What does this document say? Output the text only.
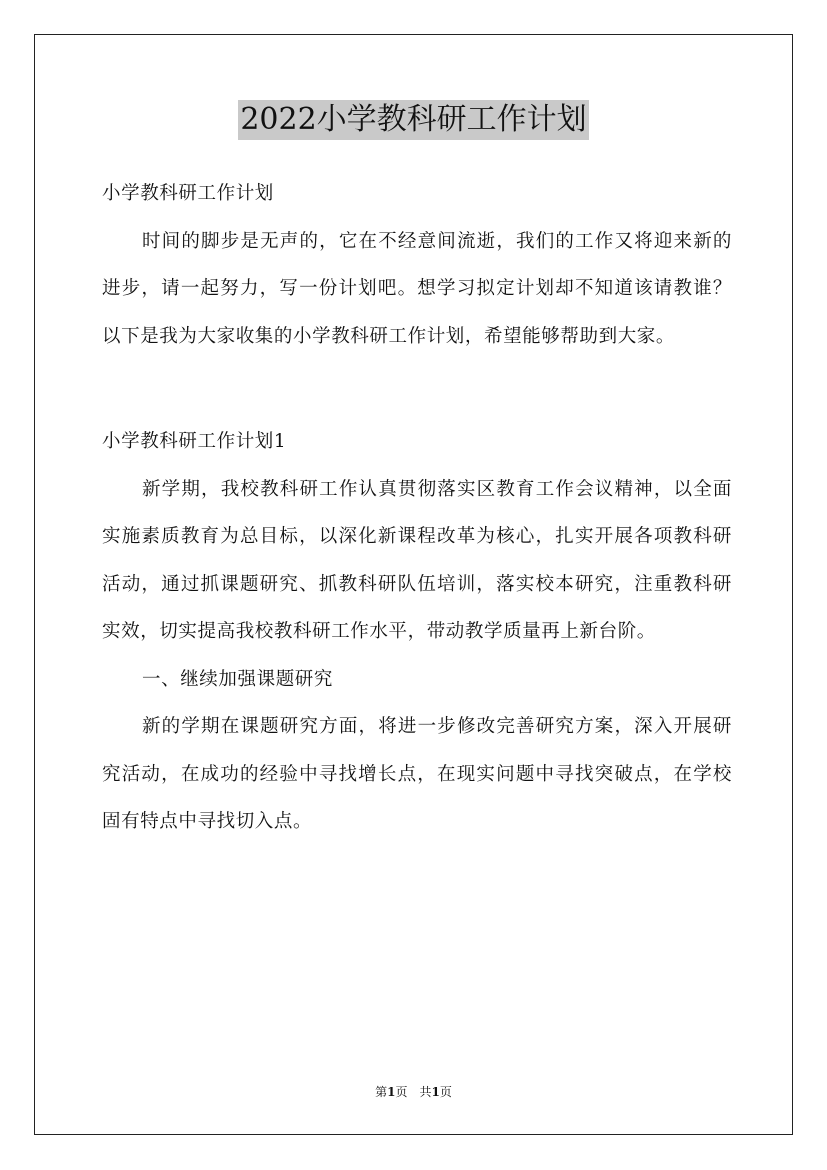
2022小学教科研工作计划

小学教科研工作计划

时间的脚步是无声的，它在不经意间流逝，我们的工作又将迎来新的进步，请一起努力，写一份计划吧。想学习拟定计划却不知道该请教谁？以下是我为大家收集的小学教科研工作计划，希望能够帮助到大家。

小学教科研工作计划1

新学期，我校教科研工作认真贯彻落实区教育工作会议精神，以全面实施素质教育为总目标，以深化新课程改革为核心，扎实开展各项教科研活动，通过抓课题研究、抓教科研队伍培训，落实校本研究，注重教科研实效，切实提高我校教科研工作水平，带动教学质量再上新台阶。

一、继续加强课题研究

新的学期在课题研究方面，将进一步修改完善研究方案，深入开展研究活动，在成功的经验中寻找增长点，在现实问题中寻找突破点，在学校固有特点中寻找切入点。

第1页　共1页
